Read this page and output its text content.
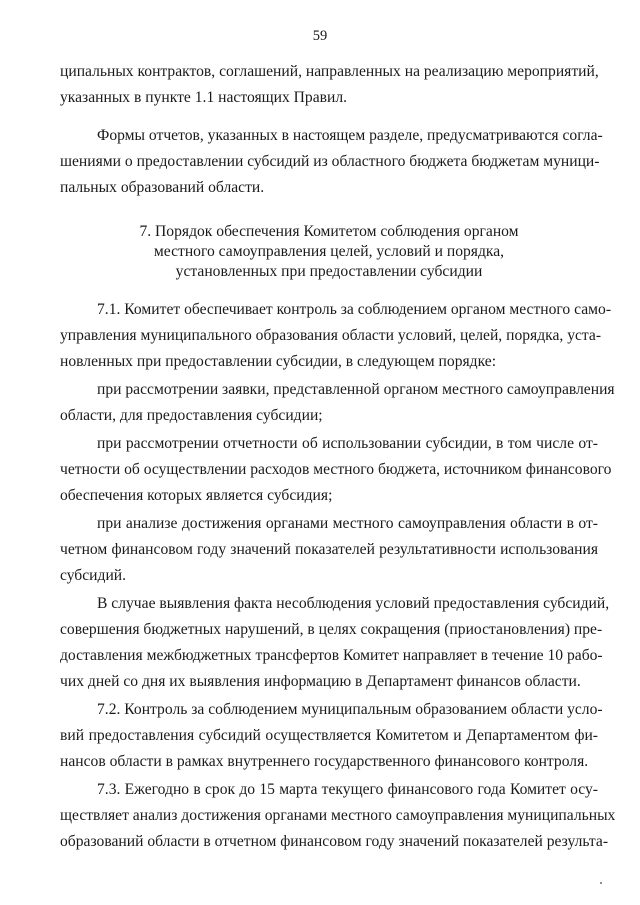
59
ципальных контрактов, соглашений, направленных на реализацию мероприятий,
указанных в пункте 1.1 настоящих Правил.
Формы отчетов, указанных в настоящем разделе, предусматриваются согла-
шениями о предоставлении субсидий из областного бюджета бюджетам муници-
пальных образований области.
7. Порядок обеспечения Комитетом соблюдения органом
местного самоуправления целей, условий и порядка,
установленных при предоставлении субсидии
7.1. Комитет обеспечивает контроль за соблюдением органом местного само-
управления муниципального образования области условий, целей, порядка, уста-
новленных при предоставлении субсидии, в следующем порядке:
при рассмотрении заявки, представленной органом местного самоуправления
области, для предоставления субсидии;
при рассмотрении отчетности об использовании субсидии, в том числе от-
четности об осуществлении расходов местного бюджета, источником финансового
обеспечения которых является субсидия;
при анализе достижения органами местного самоуправления области в от-
четном финансовом году значений показателей результативности использования
субсидий.
В случае выявления факта несоблюдения условий предоставления субсидий,
совершения бюджетных нарушений, в целях сокращения (приостановления) пре-
доставления межбюджетных трансфертов Комитет направляет в течение 10 рабо-
чих дней со дня их выявления информацию в Департамент финансов области.
7.2. Контроль за соблюдением муниципальным образованием области усло-
вий предоставления субсидий осуществляется Комитетом и Департаментом фи-
нансов области в рамках внутреннего государственного финансового контроля.
7.3. Ежегодно в срок до 15 марта текущего финансового года Комитет осу-
ществляет анализ достижения органами местного самоуправления муниципальных
образований области в отчетном финансовом году значений показателей результа-
